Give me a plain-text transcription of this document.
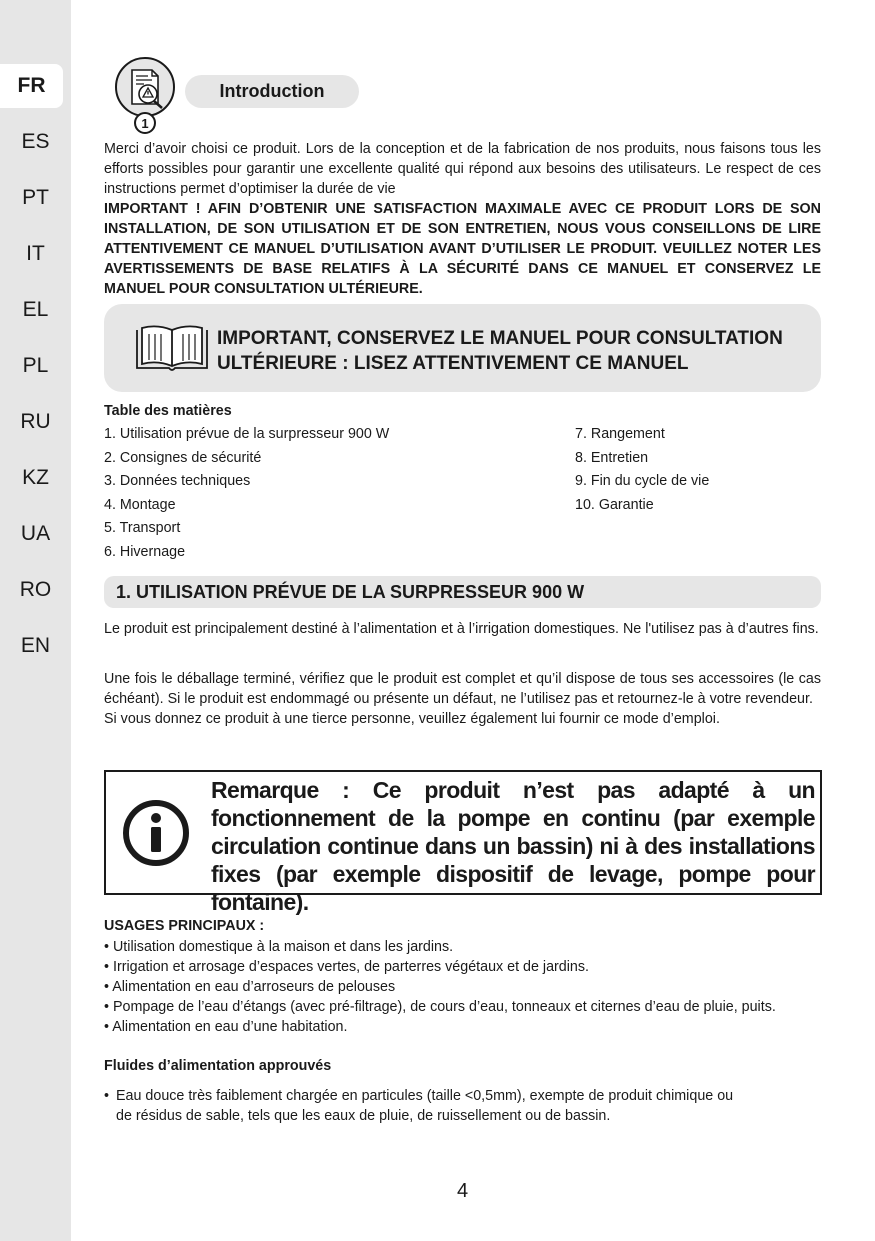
FR
ES
PT
IT
EL
PL
RU
KZ
UA
RO
EN
1
Introduction

Merci d’avoir choisi ce produit. Lors de la conception et de la fabrication de nos produits, nous faisons tous les efforts possibles pour garantir une excellente qualité qui répond aux besoins des utilisateurs. Le respect de ces instructions permet d’optimiser la durée de vie

IMPORTANT ! AFIN D’OBTENIR UNE SATISFACTION MAXIMALE AVEC CE PRODUIT LORS DE SON INSTALLATION, DE SON UTILISATION ET DE SON ENTRETIEN, NOUS VOUS CONSEILLONS DE LIRE ATTENTIVEMENT CE MANUEL D’UTILISATION AVANT D’UTILISER LE PRODUIT. VEUILLEZ NOTER LES AVERTISSEMENTS DE BASE RELATIFS À LA SÉCURITÉ DANS CE MANUEL ET CONSERVEZ LE MANUEL POUR CONSULTATION ULTÉRIEURE.

IMPORTANT, CONSERVEZ LE MANUEL POUR CONSULTATION
ULTÉRIEURE : LISEZ ATTENTIVEMENT CE MANUEL
Table des matières
1. Utilisation prévue de la surpresseur 900 W
2. Consignes de sécurité
3. Données techniques
4. Montage
5. Transport
6. Hivernage
7. Rangement
8. Entretien
9. Fin du cycle de vie
10. Garantie
1. UTILISATION PRÉVUE DE LA SURPRESSEUR 900 W

Le produit est principalement destiné à l’alimentation et à l’irrigation domestiques. Ne l'utilisez pas à d’autres fins.

Une fois le déballage terminé, vérifiez que le produit est complet et qu’il dispose de tous ses accessoires (le cas échéant). Si le produit est endommagé ou présente un défaut, ne l’utilisez pas et retournez-le à votre revendeur.

Si vous donnez ce produit à une tierce personne, veuillez également lui fournir ce mode d’emploi.

Remarque : Ce produit n’est pas adapté à un fonctionnement de la pompe en continu (par exemple circulation continue dans un bassin) ni à des installations fixes (par exemple dispositif de levage, pompe pour fontaine).
USAGES PRINCIPAUX :
• Utilisation domestique à la maison et dans les jardins.
• Irrigation et arrosage d’espaces vertes, de parterres végétaux et de jardins.
• Alimentation en eau d’arroseurs de pelouses
• Pompage de l’eau d’étangs (avec pré-filtrage), de cours d’eau, tonneaux et citernes d’eau de pluie, puits.
• Alimentation en eau d’une habitation.
Fluides d’alimentation approuvés
• Eau douce très faiblement chargée en particules (taille <0,5mm), exempte de produit chimique ou
de résidus de sable, tels que les eaux de pluie, de ruissellement ou de bassin.
4
